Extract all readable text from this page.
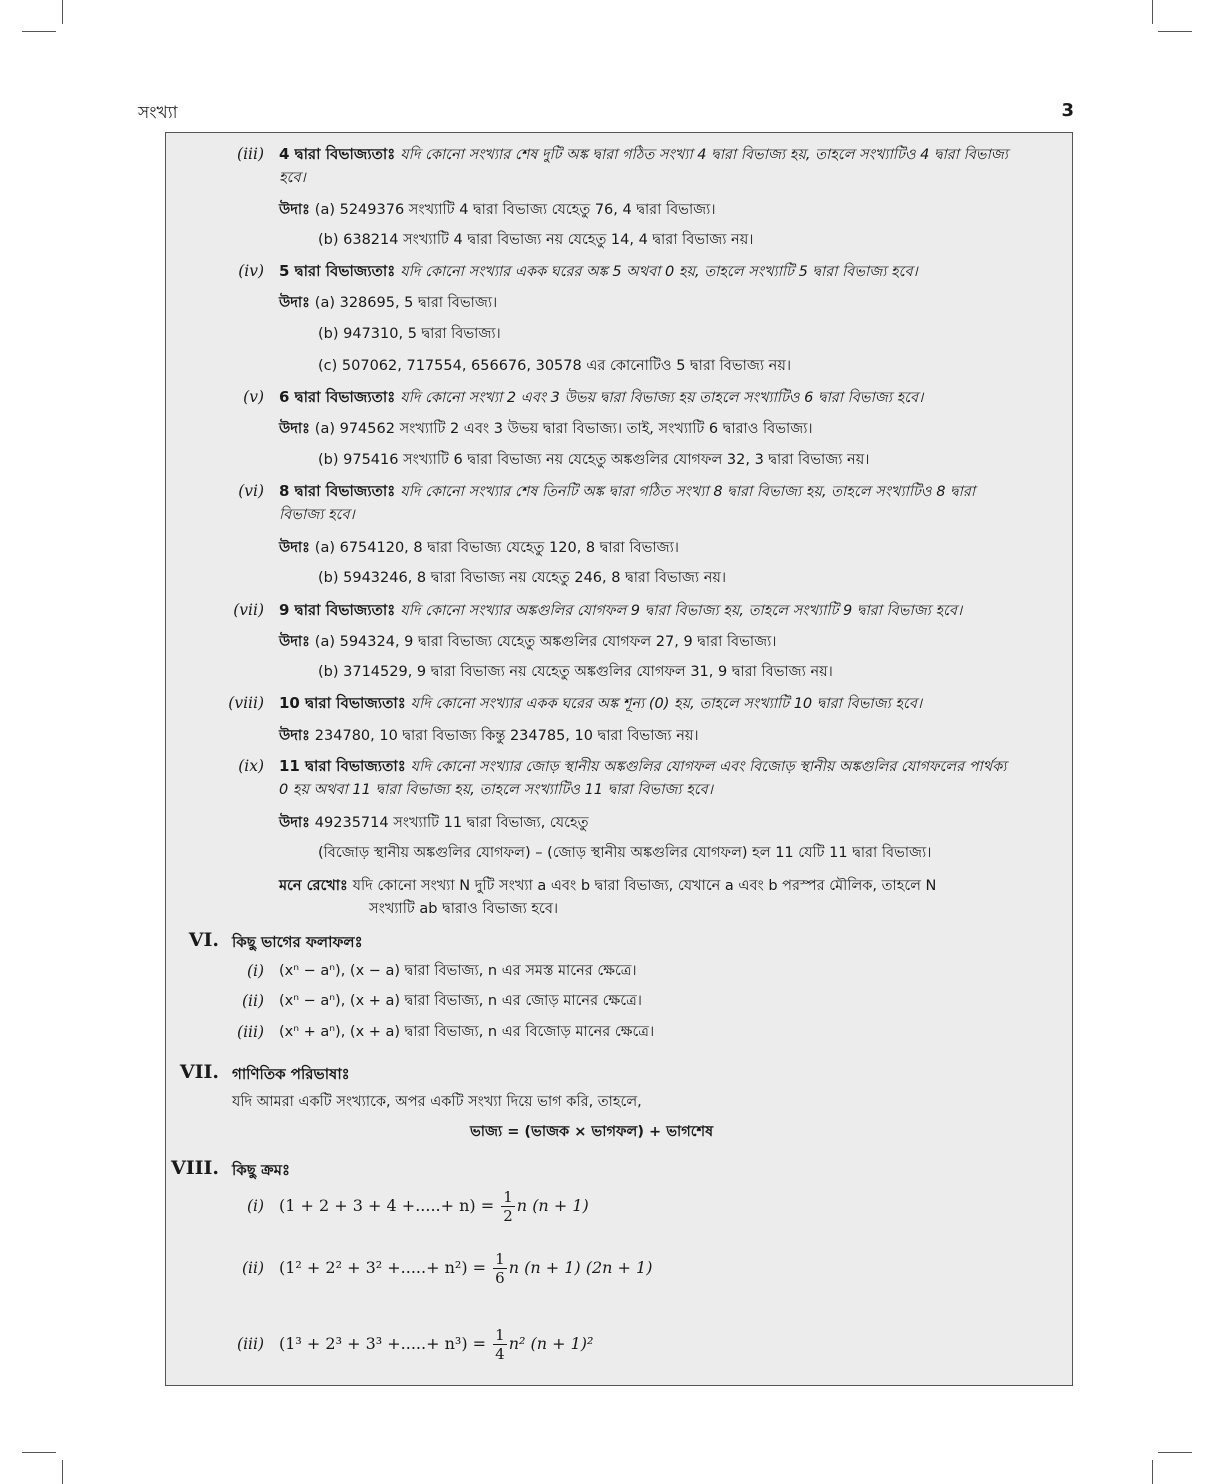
সংখ্যা	3
(iii) 4 দ্বারা বিভাজ্যতাঃ যদি কোনো সংখ্যার শেষ দুটি অঙ্ক দ্বারা গঠিত সংখ্যা 4 দ্বারা বিভাজ্য হয়, তাহলে সংখ্যাটিও 4 দ্বারা বিভাজ্য
হবে।
উদাঃ (a) 5249376 সংখ্যাটি 4 দ্বারা বিভাজ্য যেহেতু 76, 4 দ্বারা বিভাজ্য।
(b) 638214 সংখ্যাটি 4 দ্বারা বিভাজ্য নয় যেহেতু 14, 4 দ্বারা বিভাজ্য নয়।
(iv) 5 দ্বারা বিভাজ্যতাঃ যদি কোনো সংখ্যার একক ঘরের অঙ্ক 5 অথবা 0 হয়, তাহলে সংখ্যাটি 5 দ্বারা বিভাজ্য হবে।
উদাঃ (a) 328695, 5 দ্বারা বিভাজ্য।
(b) 947310, 5 দ্বারা বিভাজ্য।
(c) 507062, 717554, 656676, 30578 এর কোনোটিও 5 দ্বারা বিভাজ্য নয়।
(v) 6 দ্বারা বিভাজ্যতাঃ যদি কোনো সংখ্যা 2 এবং 3 উভয় দ্বারা বিভাজ্য হয় তাহলে সংখ্যাটিও 6 দ্বারা বিভাজ্য হবে।
উদাঃ (a) 974562 সংখ্যাটি 2 এবং 3 উভয় দ্বারা বিভাজ্য। তাই, সংখ্যাটি 6 দ্বারাও বিভাজ্য।
(b) 975416 সংখ্যাটি 6 দ্বারা বিভাজ্য নয় যেহেতু অঙ্কগুলির যোগফল 32, 3 দ্বারা বিভাজ্য নয়।
(vi) 8 দ্বারা বিভাজ্যতাঃ যদি কোনো সংখ্যার শেষ তিনটি অঙ্ক দ্বারা গঠিত সংখ্যা 8 দ্বারা বিভাজ্য হয়, তাহলে সংখ্যাটিও 8 দ্বারা
বিভাজ্য হবে।
উদাঃ (a) 6754120, 8 দ্বারা বিভাজ্য যেহেতু 120, 8 দ্বারা বিভাজ্য।
(b) 5943246, 8 দ্বারা বিভাজ্য নয় যেহেতু 246, 8 দ্বারা বিভাজ্য নয়।
(vii) 9 দ্বারা বিভাজ্যতাঃ যদি কোনো সংখ্যার অঙ্কগুলির যোগফল 9 দ্বারা বিভাজ্য হয়, তাহলে সংখ্যাটি 9 দ্বারা বিভাজ্য হবে।
উদাঃ (a) 594324, 9 দ্বারা বিভাজ্য যেহেতু অঙ্কগুলির যোগফল 27, 9 দ্বারা বিভাজ্য।
(b) 3714529, 9 দ্বারা বিভাজ্য নয় যেহেতু অঙ্কগুলির যোগফল 31, 9 দ্বারা বিভাজ্য নয়।
(viii) 10 দ্বারা বিভাজ্যতাঃ যদি কোনো সংখ্যার একক ঘরের অঙ্ক শূন্য (0) হয়, তাহলে সংখ্যাটি 10 দ্বারা বিভাজ্য হবে।
উদাঃ 234780, 10 দ্বারা বিভাজ্য কিন্তু 234785, 10 দ্বারা বিভাজ্য নয়।
(ix) 11 দ্বারা বিভাজ্যতাঃ যদি কোনো সংখ্যার জোড় স্থানীয় অঙ্কগুলির যোগফল এবং বিজোড় স্থানীয় অঙ্কগুলির যোগফলের পার্থক্য
0 হয় অথবা 11 দ্বারা বিভাজ্য হয়, তাহলে সংখ্যাটিও 11 দ্বারা বিভাজ্য হবে।
উদাঃ 49235714 সংখ্যাটি 11 দ্বারা বিভাজ্য, যেহেতু
(বিজোড় স্থানীয় অঙ্কগুলির যোগফল) – (জোড় স্থানীয় অঙ্কগুলির যোগফল) হল 11 যেটি 11 দ্বারা বিভাজ্য।
মনে রেখোঃ যদি কোনো সংখ্যা N দুটি সংখ্যা a এবং b দ্বারা বিভাজ্য, যেখানে a এবং b পরস্পর মৌলিক, তাহলে N
সংখ্যাটি ab দ্বারাও বিভাজ্য হবে।
VI. কিছু ভাগের ফলাফলঃ
(i) (xⁿ − aⁿ), (x − a) দ্বারা বিভাজ্য, n এর সমস্ত মানের ক্ষেত্রে।
(ii) (xⁿ − aⁿ), (x + a) দ্বারা বিভাজ্য, n এর জোড় মানের ক্ষেত্রে।
(iii) (xⁿ + aⁿ), (x + a) দ্বারা বিভাজ্য, n এর বিজোড় মানের ক্ষেত্রে।
VII. গাণিতিক পরিভাষাঃ
যদি আমরা একটি সংখ্যাকে, অপর একটি সংখ্যা দিয়ে ভাগ করি, তাহলে,
ভাজ্য = (ভাজক × ভাগফল) + ভাগশেষ
VIII. কিছু ক্রমঃ
(i) (1 + 2 + 3 + 4 +.....+ $n) = \frac{1}{2}$ n (n + 1)
(ii) (1² + 2² + 3² +.....+ $n^2) = \frac{1}{6}$ n (n + 1) (2n + 1)
(iii) (1³ + 2³ + 3³ +.....+ $n^3) = \frac{1}{4} n^2$ (n + 1)²
